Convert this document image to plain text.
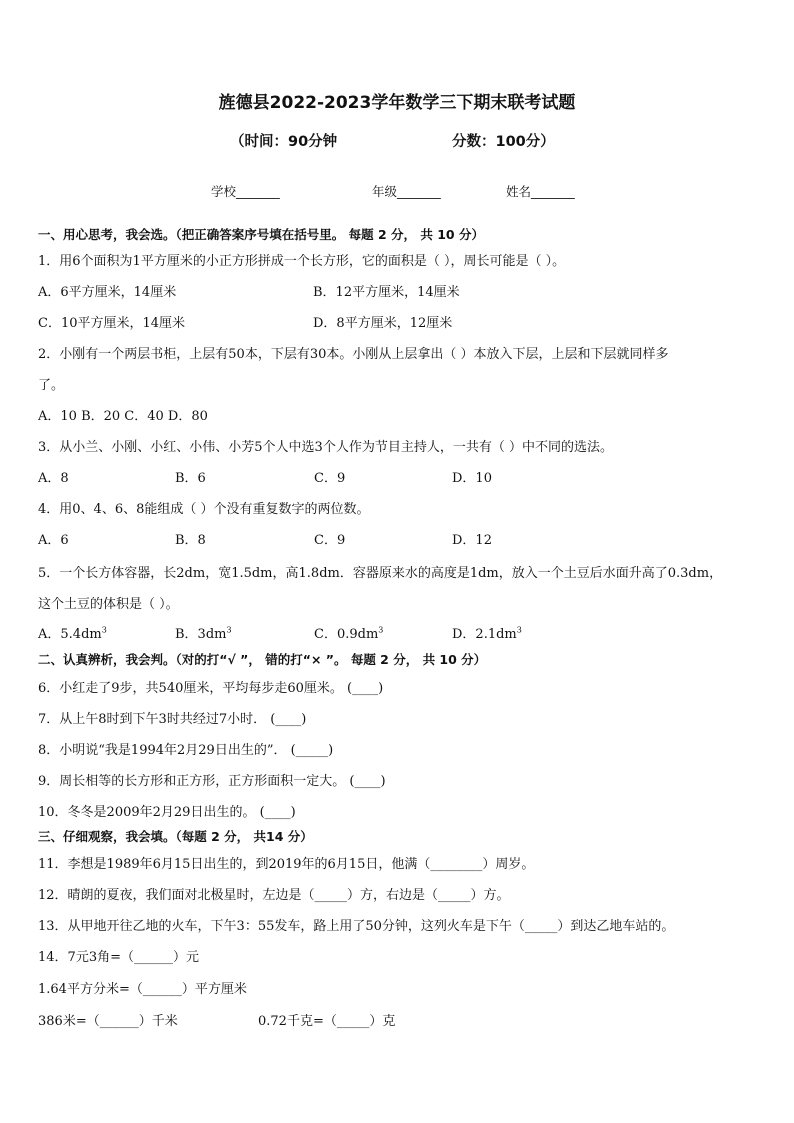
旌德县2022-2023学年数学三下期末联考试题
（时间：90分钟	分数：100分）
学校_______	年级_______	姓名_______
一、用心思考，我会选。（把正确答案序号填在括号里。 每题 2 分， 共 10 分）
1．用6个面积为1平方厘米的小正方形拼成一个长方形，它的面积是（ ），周长可能是（ ）。
A．6平方厘米，14厘米	B．12平方厘米，14厘米
C．10平方厘米，14厘米	D．8平方厘米，12厘米
2．小刚有一个两层书柜，上层有50本，下层有30本。小刚从上层拿出（ ）本放入下层，上层和下层就同样多
了。
A．10 B．20 C．40 D．80
3．从小兰、小刚、小红、小伟、小芳5个人中选3个人作为节目主持人，一共有（ ）中不同的选法。
A．8	B．6	C．9	D．10
4．用0、4、6、8能组成（ ）个没有重复数字的两位数。
A．6	B．8	C．9	D．12
5．一个长方体容器，长2dm，宽1.5dm，高1.8dm．容器原来水的高度是1dm，放入一个土豆后水面升高了0.3dm，
这个土豆的体积是（ ）。
A．$5.4dm^3$	B．$3dm^3$	C．$0.9dm^3$	D．$2.1dm^3$
二、认真辨析，我会判。（对的打“√ ”， 错的打“× ”。 每题 2 分， 共 10 分）
6．小红走了9步，共540厘米，平均每步走60厘米。 (____)
7．从上午8时到下午3时共经过7小时． (____)
8．小明说“我是1994年2月29日出生的”． (_____)
9．周长相等的长方形和正方形，正方形面积一定大。 (____)
10．冬冬是2009年2月29日出生的。 (____)
三、仔细观察，我会填。（每题 2 分， 共14 分）
11．李想是1989年6月15日出生的，到2019年的6月15日，他满（________）周岁。
12．晴朗的夏夜，我们面对北极星时，左边是（_____）方，右边是（_____）方。
13．从甲地开往乙地的火车，下午3：55发车，路上用了50分钟，这列火车是下午（_____）到达乙地车站的。
14．7元3角=（______）元
1.64平方分米=（______）平方厘米
386米=（______）千米	0.72千克=（_____）克
